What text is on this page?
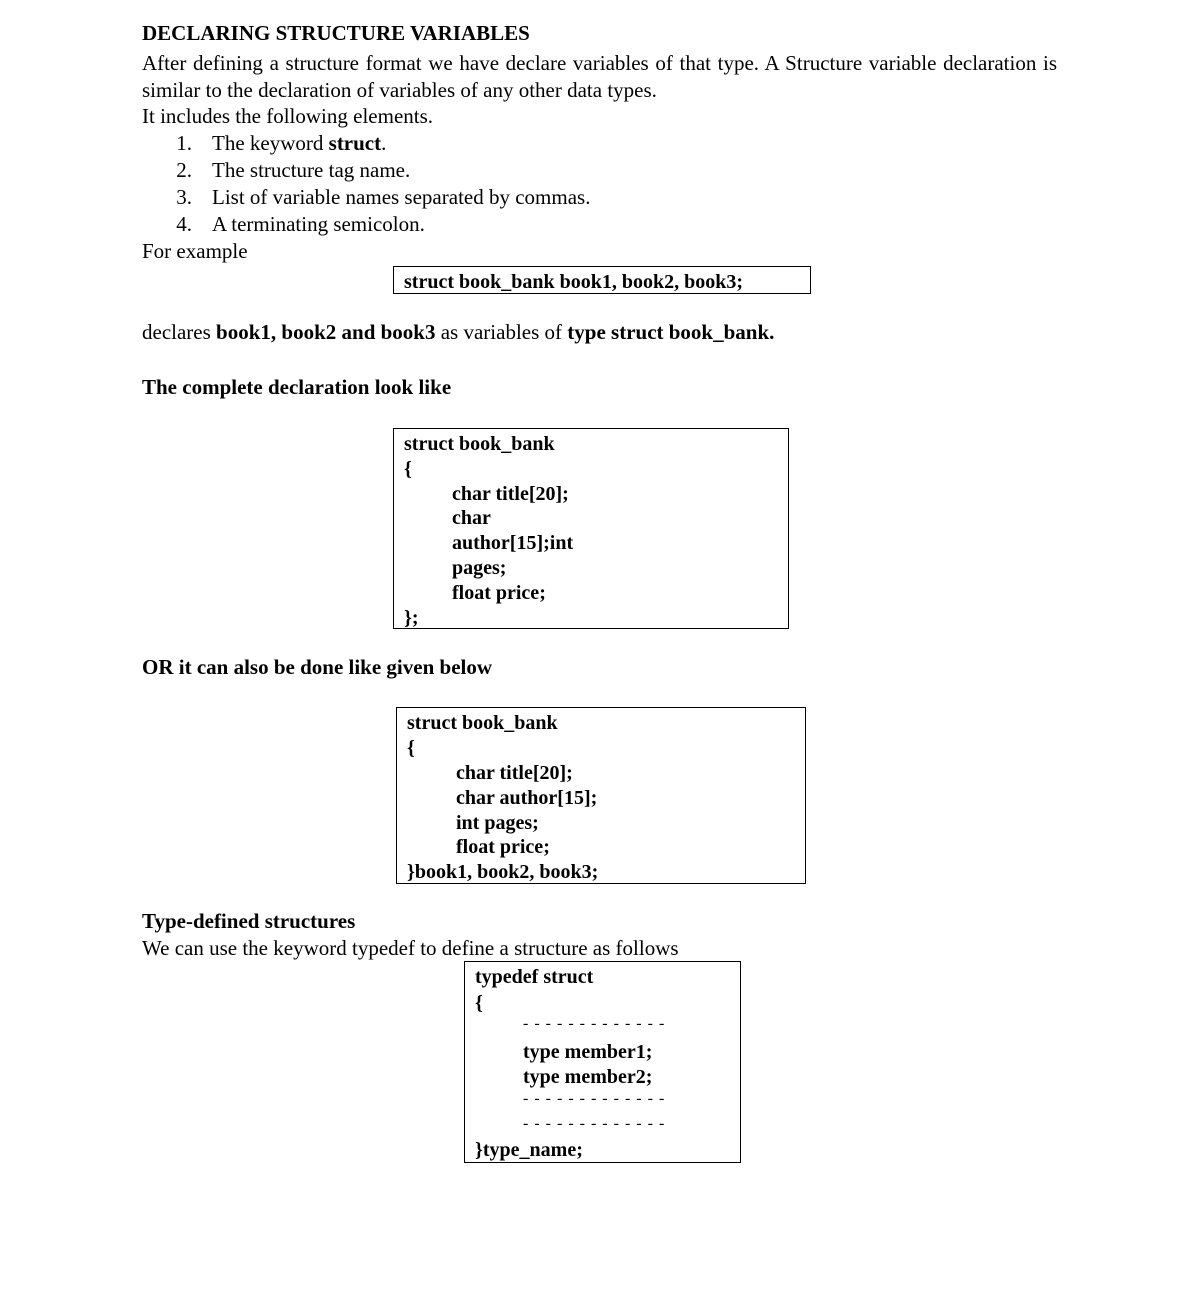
DECLARING STRUCTURE VARIABLES
After defining a structure format we have declare variables of that type. A Structure variable declaration is similar to the declaration of variables of any other data types.
It includes the following elements.
1. The keyword struct.
2. The structure tag name.
3. List of variable names separated by commas.
4. A terminating semicolon.
For example
struct book_bank book1, book2, book3;
declares book1, book2 and book3 as variables of type struct book_bank.
The complete declaration look like
struct book_bank
{
char title[20];
char
author[15];int
pages;
float price;
};
OR it can also be done like given below
struct book_bank
{
char title[20];
char author[15];
int pages;
float price;
}book1, book2, book3;
Type-defined structures
We can use the keyword typedef to define a structure as follows
typedef struct
{
- - - - - - - - - - - - -
type member1;
type member2;
- - - - - - - - - - - - -
- - - - - - - - - - - - -
}type_name;
